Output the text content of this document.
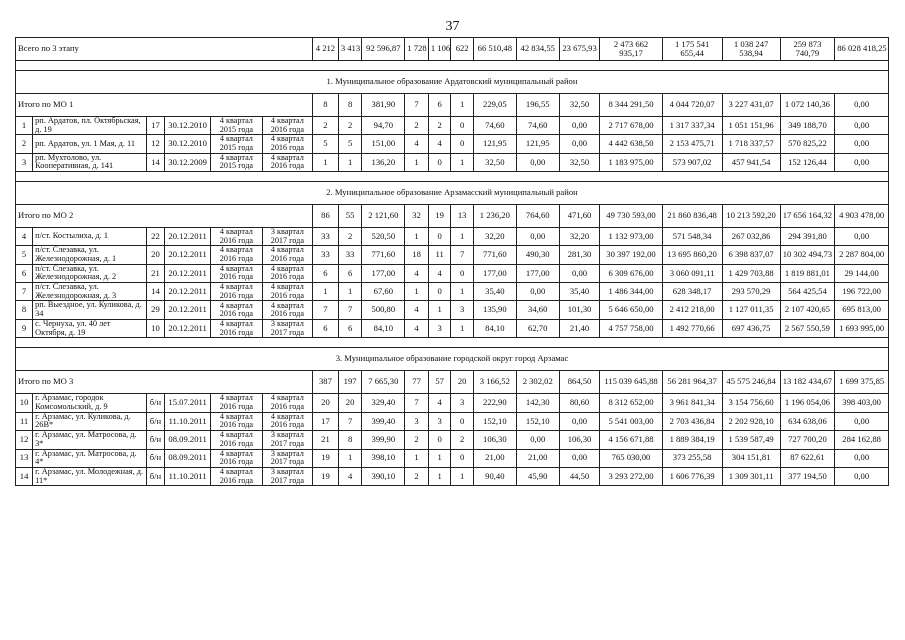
37
Всего по 3 этапу						4 212	3 413	92 596,87	1 728	1 106	622	66 510,48	42 834,55	23 675,93	2 473 662 935,17	1 175 541 655,44	1 038 247 538,94	259 873 740,79	86 028 418,25

1. Муниципальное образование Ардатовский муниципальный район																			
Итого по МО 1						8	8	381,90	7	6	1	229,05	196,55	32,50	8 344 291,50	4 044 720,07	3 227 431,07	1 072 140,36	0,00
1	рп. Ардатов, пл. Октябрьская, д. 19	17	30.12.2010	4 квартал 2015 года	4 квартал 2016 года	2	2	94,70	2	2	0	74,60	74,60	0,00	2 717 678,00	1 317 337,34	1 051 151,96	349 188,70	0,00
2	рп. Ардатов, ул. 1 Мая, д. 11	12	30.12.2010	4 квартал 2015 года	4 квартал 2016 года	5	5	151,00	4	4	0	121,95	121,95	0,00	4 442 638,50	2 153 475,71	1 718 337,57	570 825,22	0,00
3	рп. Мухтолово, ул. Кооперативная, д. 141	14	30.12.2009	4 квартал 2015 года	4 квартал 2016 года	1	1	136,20	1	0	1	32,50	0,00	32,50	1 183 975,00	573 907,02	457 941,54	152 126,44	0,00

2. Муниципальное образование Арзамасский муниципальный район																			
Итого по МО 2						86	55	2 121,60	32	19	13	1 236,20	764,60	471,60	49 730 593,00	21 860 836,48	10 213 592,20	17 656 164,32	4 903 478,00
4	п/ст. Костылиха, д. 1	22	20.12.2011	4 квартал 2016 года	3 квартал 2017 года	33	2	520,50	1	0	1	32,20	0,00	32,20	1 132 973,00	571 548,34	267 032,86	294 391,80	0,00
5	п/ст. Слезавка, ул. Железнодорожная, д. 1	20	20.12.2011	4 квартал 2016 года	4 квартал 2016 года	33	33	771,60	18	11	7	771,60	490,30	281,30	30 397 192,00	13 695 860,20	6 398 837,07	10 302 494,73	2 287 804,00
6	п/ст. Слезавка, ул. Железнодорожная, д. 2	21	20.12.2011	4 квартал 2016 года	4 квартал 2016 года	6	6	177,00	4	4	0	177,00	177,00	0,00	6 309 676,00	3 060 091,11	1 429 703,88	1 819 881,01	29 144,00
7	п/ст. Слезавка, ул. Железнодорожная, д. 3	14	20.12.2011	4 квартал 2016 года	4 квартал 2016 года	1	1	67,60	1	0	1	35,40	0,00	35,40	1 486 344,00	628 348,17	293 570,29	564 425,54	196 722,00
8	рп. Выездное, ул. Куликова, д. 34	29	20.12.2011	4 квартал 2016 года	4 квартал 2016 года	7	7	500,80	4	1	3	135,90	34,60	101,30	5 646 650,00	2 412 218,00	1 127 011,35	2 107 420,65	695 813,00
9	с. Чернуха, ул. 40 лет Октября, д. 19	10	20.12.2011	4 квартал 2016 года	3 квартал 2017 года	6	6	84,10	4	3	1	84,10	62,70	21,40	4 757 758,00	1 492 770,66	697 436,75	2 567 550,59	1 693 995,00

3. Муниципальное образование городской округ город Арзамас																			
Итого по МО 3						387	197	7 665,30	77	57	20	3 166,52	2 302,02	864,50	115 039 645,88	56 281 964,37	45 575 246,84	13 182 434,67	1 699 375,85
10	г. Арзамас, городок Комсомольский, д. 9	б/н	15.07.2011	4 квартал 2016 года	4 квартал 2016 года	20	20	329,40	7	4	3	222,90	142,30	80,60	8 312 652,00	3 961 841,34	3 154 756,60	1 196 054,06	398 403,00
11	г. Арзамас, ул. Куликова, д. 26В*	б/н	11.10.2011	4 квартал 2016 года	4 квартал 2016 года	17	7	399,40	3	3	0	152,10	152,10	0,00	5 541 003,00	2 703 436,84	2 202 928,10	634 638,06	0,00
12	г. Арзамас, ул. Матросова, д. 3*	б/н	08.09.2011	4 квартал 2016 года	3 квартал 2017 года	21	8	399,90	2	0	2	106,30	0,00	106,30	4 156 671,88	1 889 384,19	1 539 587,49	727 700,20	284 162,88
13	г. Арзамас, ул. Матросова, д. 4*	б/н	08.09.2011	4 квартал 2016 года	3 квартал 2017 года	19	1	398,10	1	1	0	21,00	21,00	0,00	765 030,00	373 255,58	304 151,81	87 622,61	0,00
14	г. Арзамас, ул. Молодежная, д. 11*	б/н	11.10.2011	4 квартал 2016 года	3 квартал 2017 года	19	4	390,10	2	1	1	90,40	45,90	44,50	3 293 272,00	1 606 776,39	1 309 301,11	377 194,50	0,00
